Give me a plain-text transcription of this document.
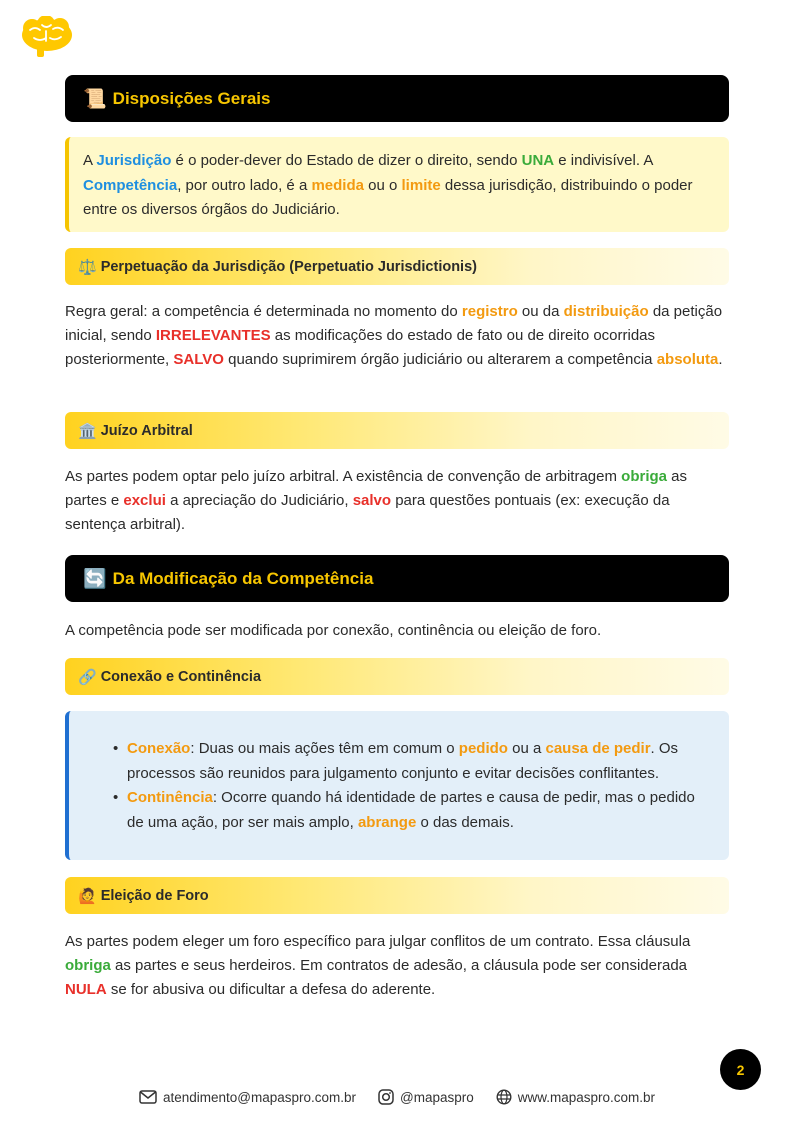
📜 Disposições Gerais
A Jurisdição é o poder-dever do Estado de dizer o direito, sendo UNA e indivisível. A Competência, por outro lado, é a medida ou o limite dessa jurisdição, distribuindo o poder entre os diversos órgãos do Judiciário.
⚖️ Perpetuação da Jurisdição (Perpetuatio Jurisdictionis)
Regra geral: a competência é determinada no momento do registro ou da distribuição da petição inicial, sendo IRRELEVANTES as modificações do estado de fato ou de direito ocorridas posteriormente, SALVO quando suprimirem órgão judiciário ou alterarem a competência absoluta.
🏛️ Juízo Arbitral
As partes podem optar pelo juízo arbitral. A existência de convenção de arbitragem obriga as partes e exclui a apreciação do Judiciário, salvo para questões pontuais (ex: execução da sentença arbitral).
🔄 Da Modificação da Competência
A competência pode ser modificada por conexão, continência ou eleição de foro.
🔗 Conexão e Continência
• Conexão: Duas ou mais ações têm em comum o pedido ou a causa de pedir. Os processos são reunidos para julgamento conjunto e evitar decisões conflitantes.
• Continência: Ocorre quando há identidade de partes e causa de pedir, mas o pedido de uma ação, por ser mais amplo, abrange o das demais.
🙋 Eleição de Foro
As partes podem eleger um foro específico para julgar conflitos de um contrato. Essa cláusula obriga as partes e seus herdeiros. Em contratos de adesão, a cláusula pode ser considerada NULA se for abusiva ou dificultar a defesa do aderente.
2
atendimento@mapaspro.com.br	@mapaspro	www.mapaspro.com.br
